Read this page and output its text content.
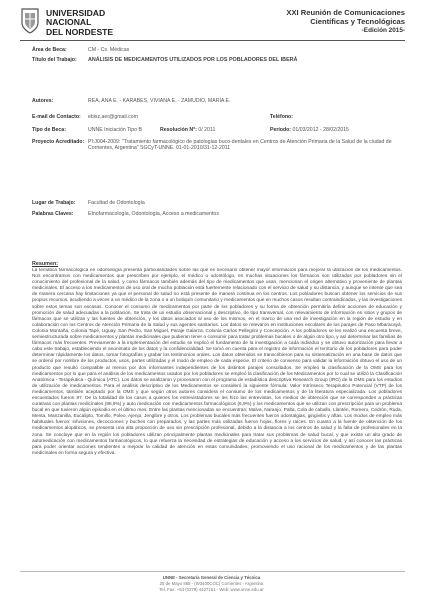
UNIVERSIDAD
NACIONAL
DEL NORDESTE
XXI Reunión de Comunicaciones
Científicas y Tecnológicas
-Edición 2015-
Área de Beca:	CM - Cs. Médicas
Título del Trabajo: ANÁLISIS DE MEDICAMENTOS UTILIZADOS POR LOS POBLADORES DEL IBERÁ
Autores:	REA, ANA E. - KARABES, VIVIANA E. - ZAMUDIO, MARÍA E.
E-mail de Contacto: ebisz.aer@gmail.com	Teléfono:
Tipo de Beca:	UNNE Iniciación Tipo B	Resolución N°: 0/ 2011	Período: 01/03/2012 - 28/02/2015
Proyecto Acreditado: PI:J004-2009: "Tratamiento farmacológico de patologías buco-dentales en Centros de Atención Primaria de la Salud de la ciudad de Corrientes, Argentina" SGCyT-UNNE. 01-01-2010/31-12-2011
Lugar de Trabajo: Facultad de Odontología
Palabras Claves:	Etnofarmacología, Odontología, Acceso a medicamentos
Resumen:
La temática farmacológica en odontología presenta particularidades sobre las que es necesario obtener mayor información para mejorar la utilización de los medicamentos. Nos encontramos con medicamentos que prescriben por ejemplo, el médico u odontólogo, en muchas situaciones los fármacos son utilizados por pobladores sin el conocimiento del profesional de la salud, y como fármacos también además del tipo de medicamentos que usan, mencionan el origen alternativo y proveniente de plantas medicinales. El acceso a los medicamentos de uso oral de mucha población está fuertemente relacionado con el servicio de salud y su distancia, y aunque se intente que sea de manera cercana hay limitaciones ya que el personal de salud no está presente de manera continua en los centros. Los pobladores buscan obtener los servicios de sus propios recursos, acudiendo a veces a un médico de la zona o a un botiquín comunitario y medicamentos que en muchos casos resultan contraindicados, y las investigaciones sobre estos temas son escasas. Conocer el consumo de medicamentos por parte de los pobladores y su forma de obtención permitiría definir acciones de educación y promoción de salud adecuadas a la población. Se trata de un estudio observacional y descriptivo, de tipo transversal, con relevamiento de información en sitios y grupos de fármacos que se utilizan y las fuentes de obtención, y los datos asociados al uso de los mismos, en el marco de una red de investigación en la región de estudio y en colaboración con los Centros de Atención Primaria de la Salud y sus agentes sanitarios. Los datos se relevaron en instituciones escolares de los parajes de Paso Mbaracayá, Colonia Montaña, Colonia Tapé, Uguay, San Pedro, San Miguel, Paraje Galarza, Colonia Carlos Pellegrini y Concepción. A los pobladores se les realizó una encuesta breve, semiestructurada sobre medicamentos y plantas medicinales que pudieran tener o consumir para tratar problemas bucales o de algún otro tipo, y así determinar las familias de fármacos más frecuentes. Previamente a la implementación del estudio se explicó el fundamento de la investigación a cada individuo y se obtuvo autorización para llevar a cabo este trabajo, estableciendo el anonimato de los datos y la confidencialidad. Se tomó en cuenta para el registro de información el territorio de los pobladores para poder determinar rápidamente los datos, tomar fotografías y grabar los testimonios orales. Los datos obtenidos se transcribieron para su sistematización en una base de datos que se ordenó por nombre de los productos, usos, partes utilizadas y el modo de empleo de cada especie. El criterio de consenso para validar la información obtuvo el uso de un producto que resultó compatible al menos por dos informantes independientes de los distintos parajes consultados. Se empleó la clasificación de la OMS para los medicamentos por lo que para el análisis de los medicamentos usados por los pobladores se empleó la clasificación de los Medicamentos por lo cual se utilizó la Clasificación Anatómica - Terapéutica - Química (ATC). Los datos se analizaron y procesaron con el programa de estadística descriptiva Research Group (IRG) de la OMS para los estudios de utilización de medicamentos. Para el análisis descriptivo de los Medicamentos se consideró la siguiente fórmula: Valor Intrínseco Terapéutico Potencial (VTP) de los medicamentos, también aceptado por la OMS y que según otros autores considera el consumo de los medicamentos y de la literatura especializada. Los pobladores encuestados fueron 87. De la totalidad de los casos a quienes los entrevistadores se les hizo las entrevistas, los medios de obtención que se corresponden a prácticas curativas con plantas medicinales (86,9%) y auto medicación con medicamentos farmacológicos (6,9%) y los medicamentos que se utilizan con prescripción para un problema bucal en que tuvieron algún episodio en el último mes. Entre las plantas mencionadas se encuentran: Malva, Naranjo, Palta, Cola de caballo, Llantén, Romero, Cedrón, Ruda, Menta, Manzanilla, Eucalipto, Tomillo, Poleo, Ajenjo, Jengibre y otros. Los problemas bucales más frecuentes fueron odontalgias, gingivitis y aftas. Los modos de empleo más habituales fueron: infusiones, decocciones y buches con preparados, y las partes más utilizadas fueron hojas, flores y raíces. En cuanto a la fuente de obtención de los medicamentos alopáticos, se presenta una alta proporción de uso sin prescripción profesional, debido a la distancia a los centros de salud y la falta de profesionales en la zona. Se concluye que en la región los pobladores utilizan principalmente plantas medicinales para tratar sus problemas de salud bucal, y que existe un alto grado de automedicación con medicamentos farmacológicos, lo que refuerza la necesidad de estrategias de educación y acceso a los servicios de salud, y así conocer las prácticas para poder orientar acciones tendientes a mejorar la calidad de atención en estas comunidades, promoviendo el uso racional de los medicamentos y de las plantas medicinales en forma segura y efectiva.
UNNE - Secretaría General de Ciencia y Técnica
25 de Mayo 868 - (W3400COC) Corrientes - Argentina
Tel. Fax: +54 (0379) 4427151 - Web: www.unne.edu.ar
